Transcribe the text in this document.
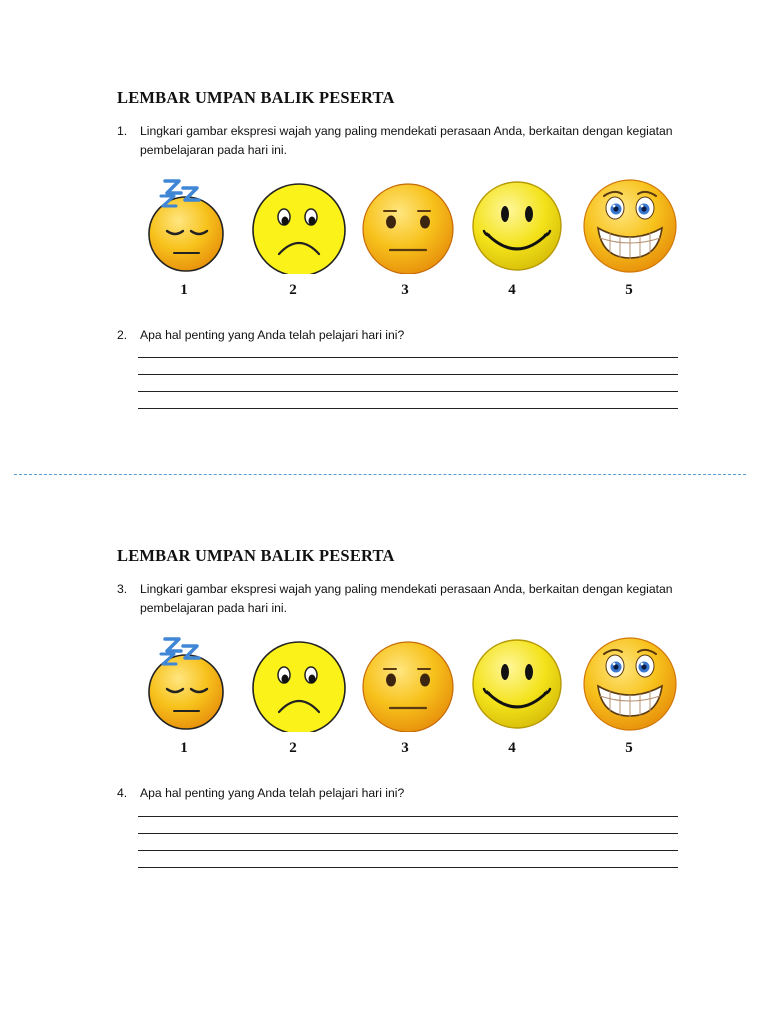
LEMBAR UMPAN BALIK PESERTA
1.	Lingkari gambar ekspresi wajah yang paling mendekati perasaan Anda, berkaitan dengan kegiatan pembelajaran pada hari ini.
1	2	3	4	5
2.	Apa hal penting yang Anda telah pelajari hari ini?
LEMBAR UMPAN BALIK PESERTA
3.	Lingkari gambar ekspresi wajah yang paling mendekati perasaan Anda, berkaitan dengan kegiatan pembelajaran pada hari ini.
1	2	3	4	5
4.	Apa hal penting yang Anda telah pelajari hari ini?
